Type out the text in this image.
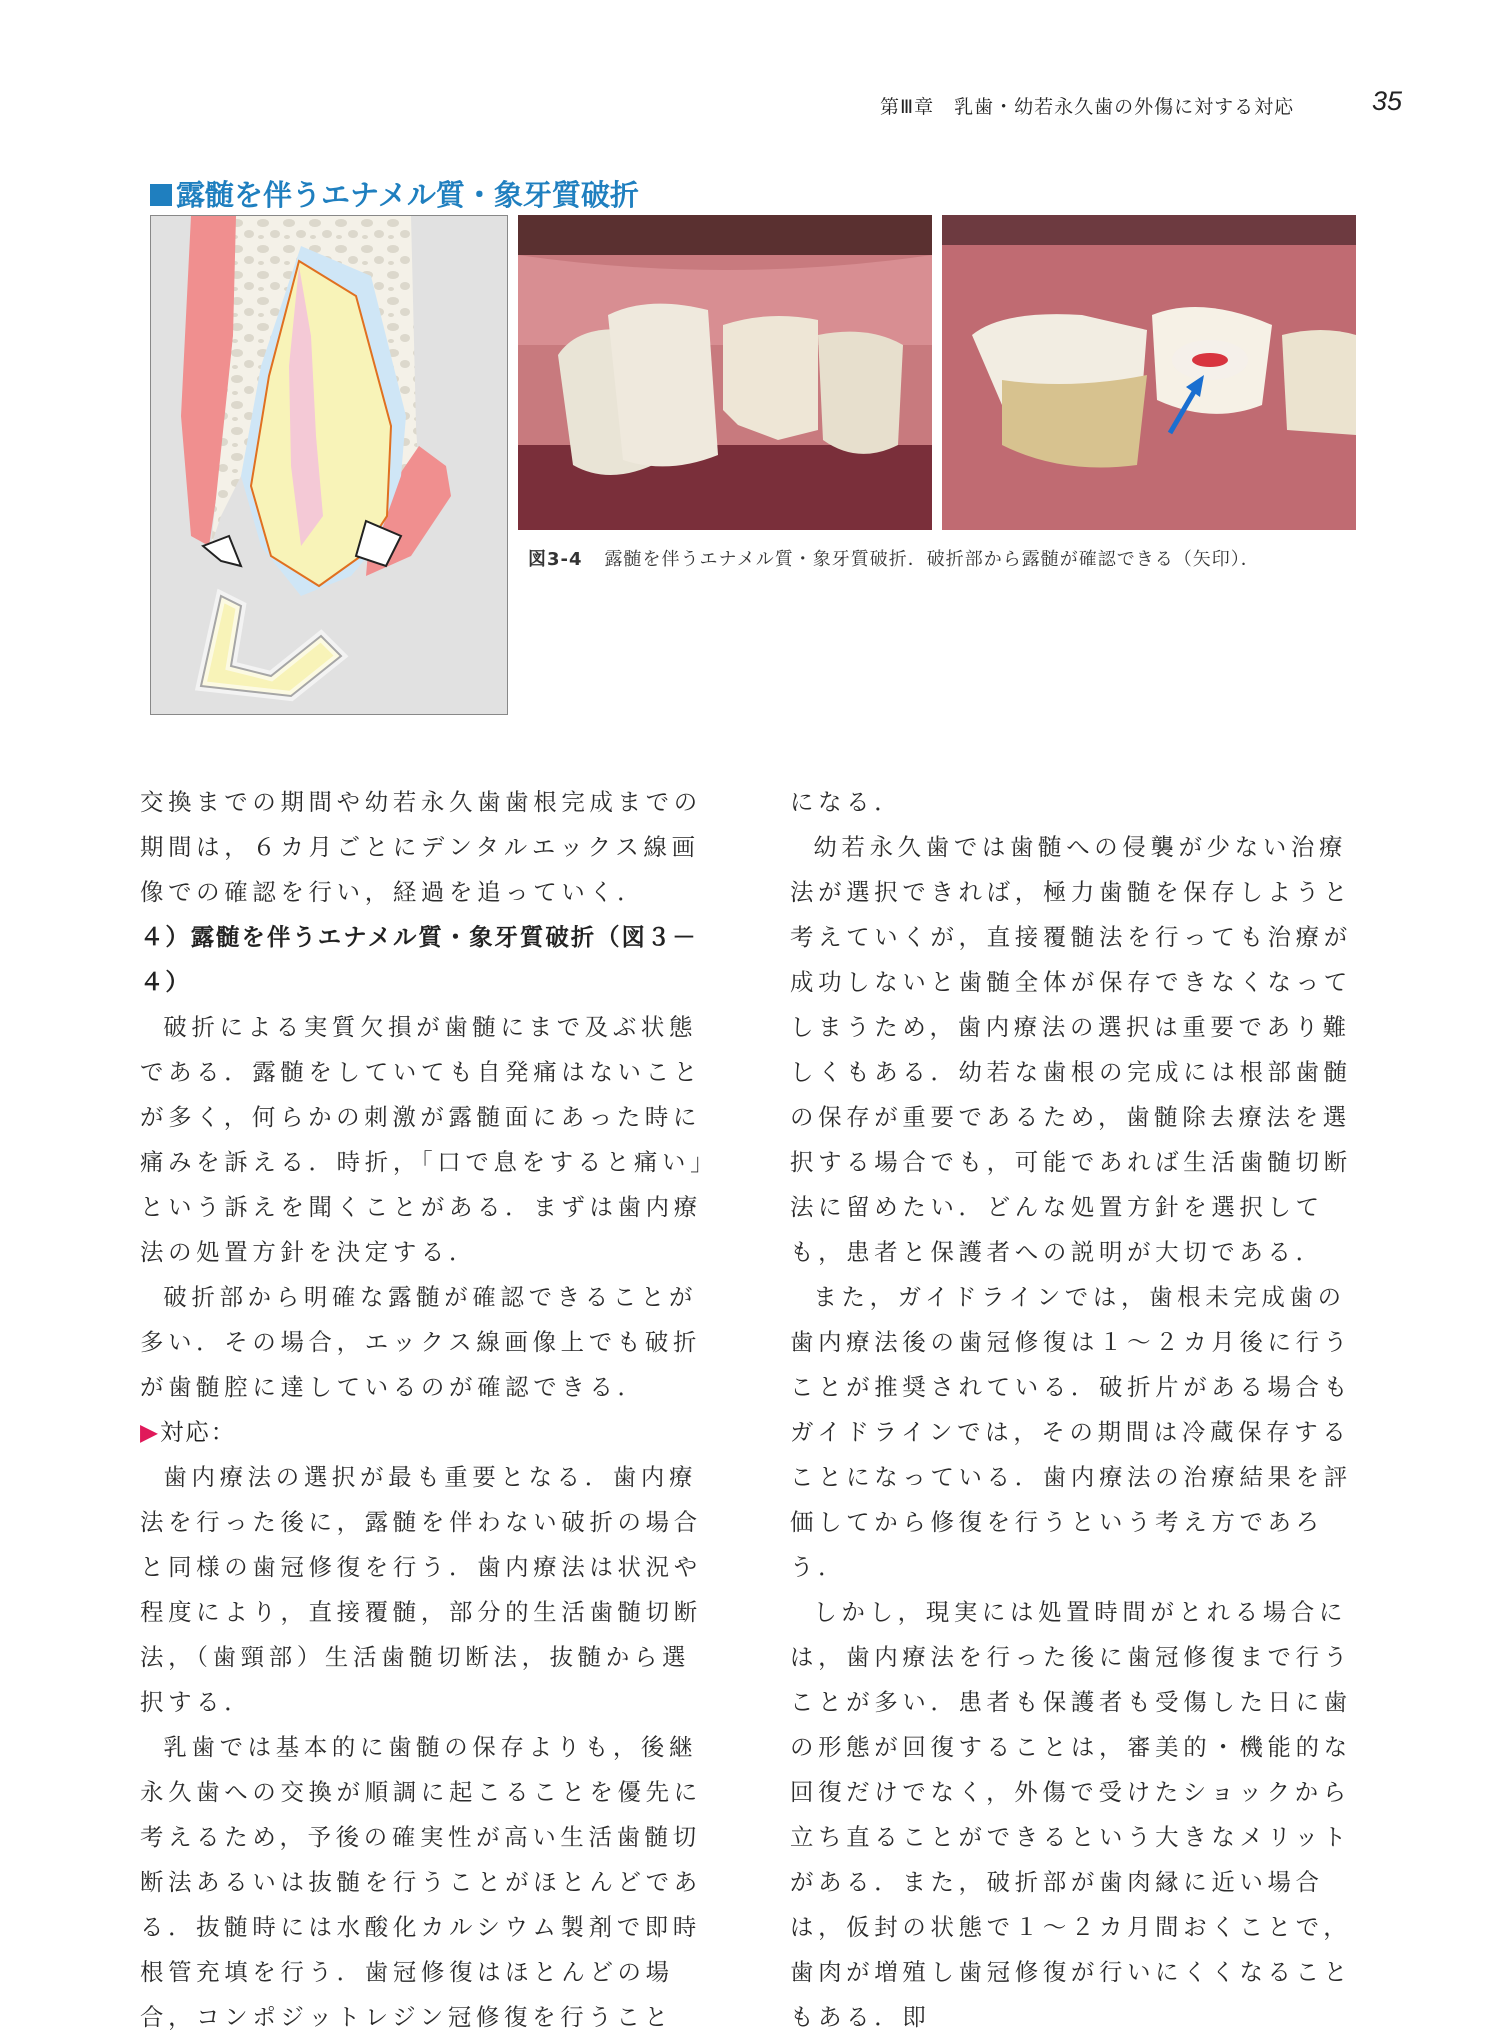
第Ⅲ章　乳歯・幼若永久歯の外傷に対する対応	35
露髄を伴うエナメル質・象牙質破折
図3-4 露髄を伴うエナメル質・象牙質破折．破折部から露髄が確認できる（矢印）．

交換までの期間や幼若永久歯歯根完成までの期間は，６カ月ごとにデンタルエックス線画像での確認を行い，経過を追っていく．

４）露髄を伴うエナメル質・象牙質破折（図３－４）

破折による実質欠損が歯髄にまで及ぶ状態である．露髄をしていても自発痛はないことが多く，何らかの刺激が露髄面にあった時に痛みを訴える．時折，「口で息をすると痛い」という訴えを聞くことがある．まずは歯内療法の処置方針を決定する．

破折部から明確な露髄が確認できることが多い．その場合，エックス線画像上でも破折が歯髄腔に達しているのが確認できる．

▶対応：

歯内療法の選択が最も重要となる．歯内療法を行った後に，露髄を伴わない破折の場合と同様の歯冠修復を行う．歯内療法は状況や程度により，直接覆髄，部分的生活歯髄切断法，（歯頸部）生活歯髄切断法，抜髄から選択する．

乳歯では基本的に歯髄の保存よりも，後継永久歯への交換が順調に起こることを優先に考えるため，予後の確実性が高い生活歯髄切断法あるいは抜髄を行うことがほとんどである．抜髄時には水酸化カルシウム製剤で即時根管充填を行う．歯冠修復はほとんどの場合，コンポジットレジン冠修復を行うこと

になる．

幼若永久歯では歯髄への侵襲が少ない治療法が選択できれば，極力歯髄を保存しようと考えていくが，直接覆髄法を行っても治療が成功しないと歯髄全体が保存できなくなってしまうため，歯内療法の選択は重要であり難しくもある．幼若な歯根の完成には根部歯髄の保存が重要であるため，歯髄除去療法を選択する場合でも，可能であれば生活歯髄切断法に留めたい．どんな処置方針を選択しても，患者と保護者への説明が大切である．

また，ガイドラインでは，歯根未完成歯の歯内療法後の歯冠修復は１～２カ月後に行うことが推奨されている．破折片がある場合もガイドラインでは，その期間は冷蔵保存することになっている．歯内療法の治療結果を評価してから修復を行うという考え方であろう．

しかし，現実には処置時間がとれる場合には，歯内療法を行った後に歯冠修復まで行うことが多い．患者も保護者も受傷した日に歯の形態が回復することは，審美的・機能的な回復だけでなく，外傷で受けたショックから立ち直ることができるという大きなメリットがある．また，破折部が歯肉縁に近い場合は，仮封の状態で１～２カ月間おくことで，歯肉が増殖し歯冠修復が行いにくくなることもある．即
